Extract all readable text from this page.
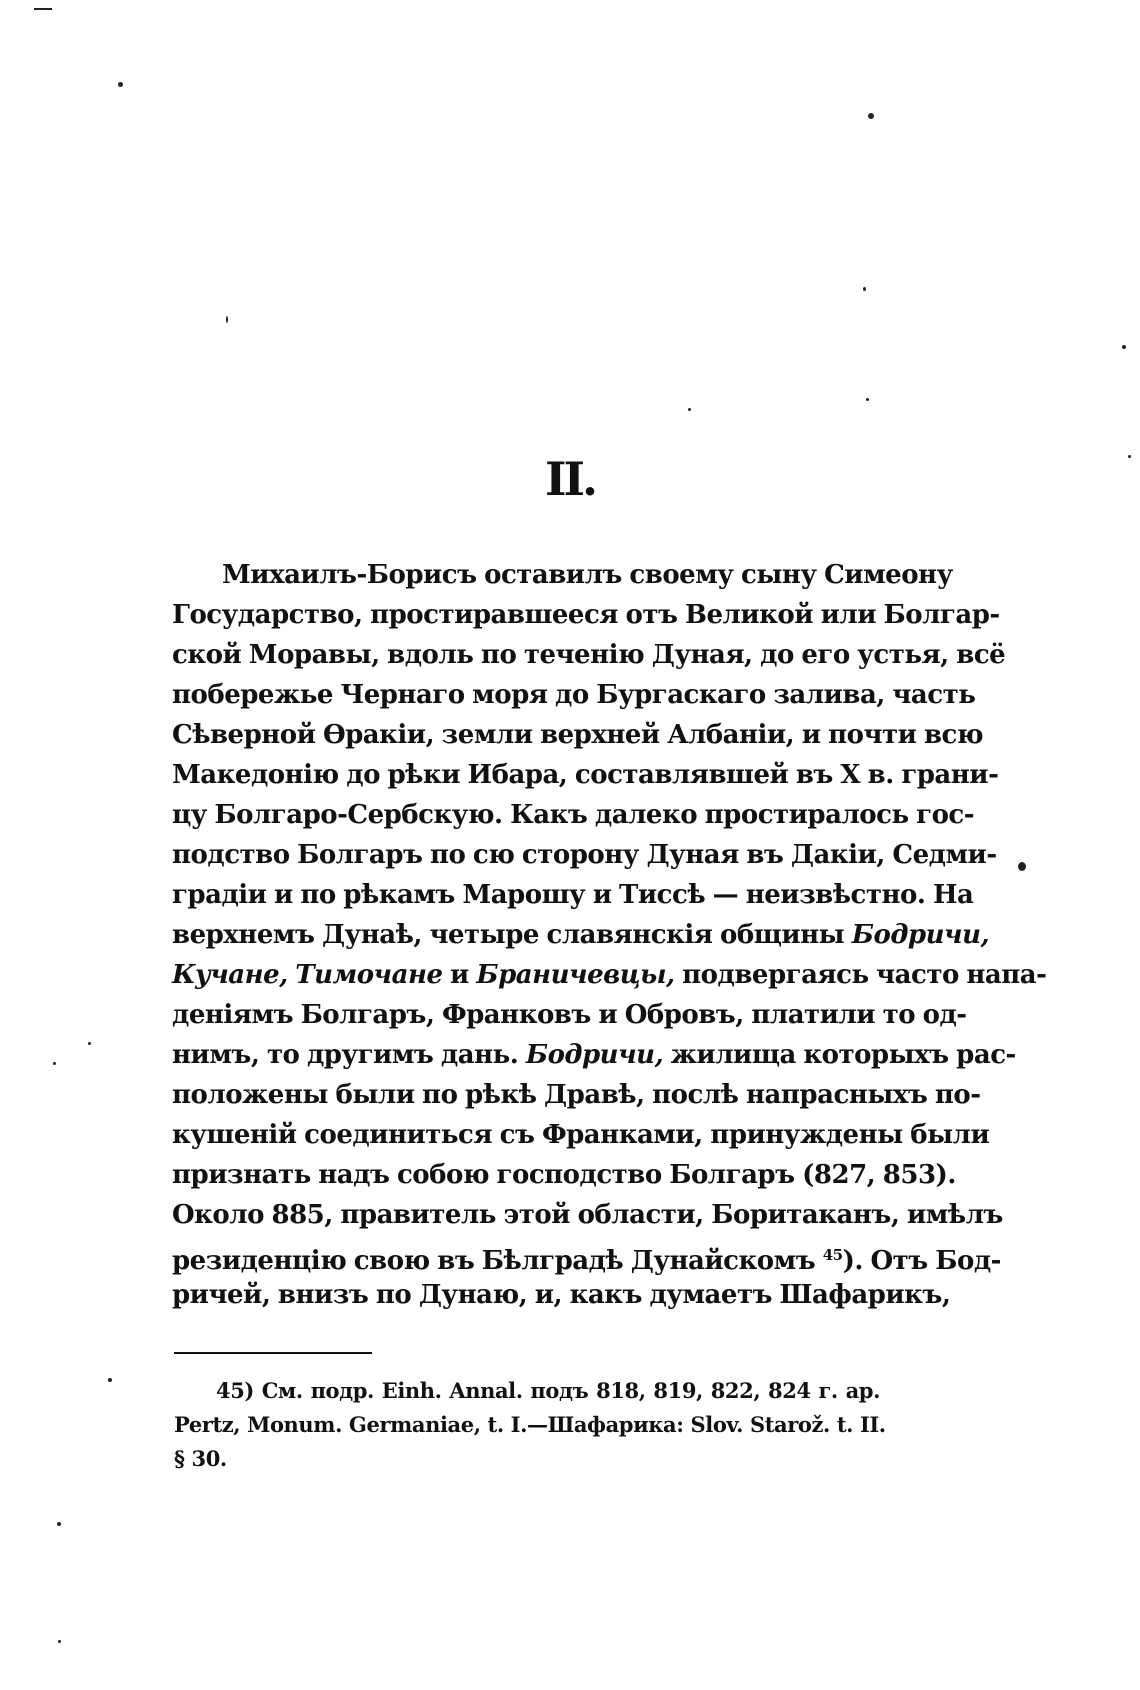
II.
Михаилъ-Борисъ оставилъ своему сыну Симеону
Государство, простиравшееся отъ Великой или Болгар-
ской Моравы, вдоль по теченію Дуная, до его устья, всё
побережье Чернаго моря до Бургаскаго залива, часть
Сѣверной Ѳракіи, земли верхней Албаніи, и почти всю
Македонію до рѣки Ибара, составлявшей въ X в. грани-
цу Болгаро-Сербскую. Какъ далеко простиралось гос-
подство Болгаръ по сю сторону Дуная въ Дакіи, Седми-
градіи и по рѣкамъ Марошу и Тиссѣ — неизвѣстно. На
верхнемъ Дунаѣ, четыре славянскія общины Бодричи,
Кучане, Тимочане и Браничевцы, подвергаясь часто напа-
деніямъ Болгаръ, Франковъ и Обровъ, платили то од-
нимъ, то другимъ дань. Бодричи, жилища которыхъ рас-
положены были по рѣкѣ Дравѣ, послѣ напрасныхъ по-
кушеній соединиться съ Франками, принуждены были
признать надъ собою господство Болгаръ (827, 853).
Около 885, правитель этой области, Боритаканъ, имѣлъ
резиденцію свою въ Бѣлградѣ Дунайскомъ $^{45}$). Отъ Бод-
ричей, внизъ по Дунаю, и, какъ думаетъ Шафарикъ,
45) См. подр. Einh. Annal. подъ 818, 819, 822, 824 г. ар.
Pertz, Monum. Germaniae, t. I.—Шафарика: Slov. Starož. t. II.
§ 30.
